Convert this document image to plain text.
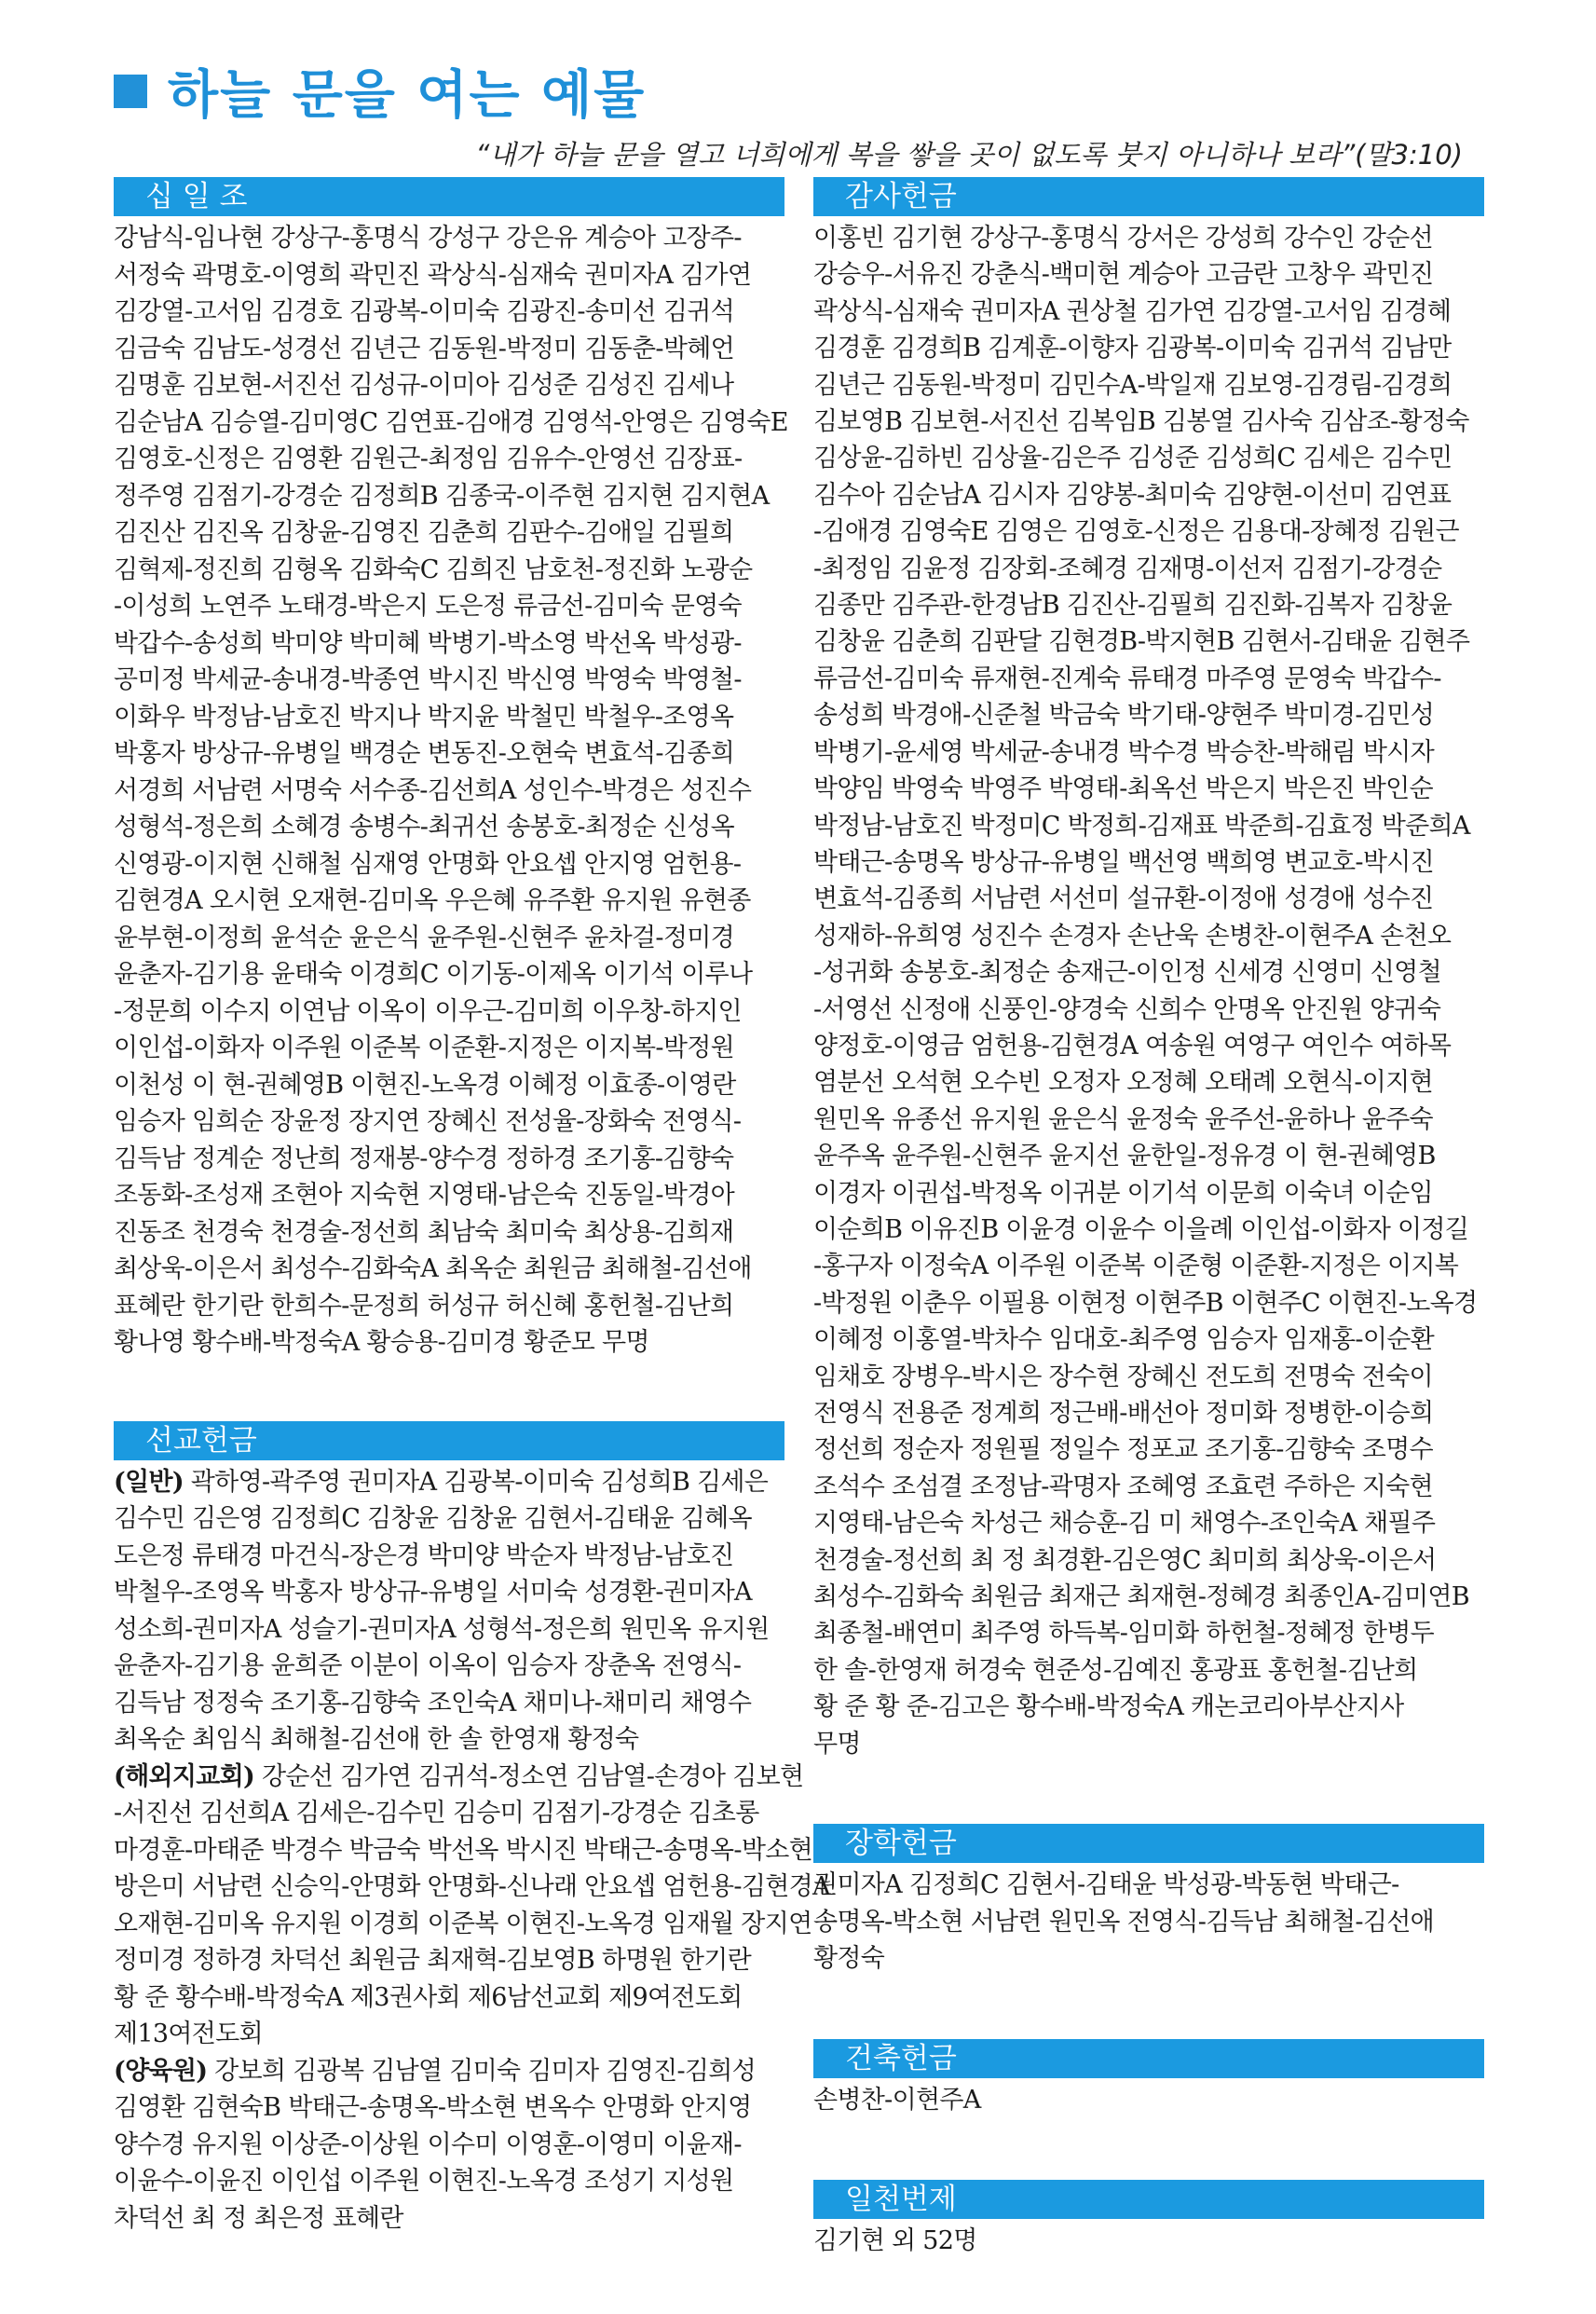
하늘 문을 여는 예물
“내가 하늘 문을 열고 너희에게 복을 쌓을 곳이 없도록 붓지 아니하나 보라”(말3:10)
십 일 조
강남식-임나현 강상구-홍명식 강성구 강은유 계승아 고장주-
서정숙 곽명호-이영희 곽민진 곽상식-심재숙 권미자A 김가연
김강열-고서임 김경호 김광복-이미숙 김광진-송미선 김귀석
김금숙 김남도-성경선 김년근 김동원-박정미 김동춘-박혜언
김명훈 김보현-서진선 김성규-이미아 김성준 김성진 김세나
김순남A 김승열-김미영C 김연표-김애경 김영석-안영은 김영숙E
김영호-신정은 김영환 김원근-최정임 김유수-안영선 김장표-
정주영 김점기-강경순 김정희B 김종국-이주현 김지현 김지현A
김진산 김진옥 김창윤-김영진 김춘희 김판수-김애일 김필희
김혁제-정진희 김형옥 김화숙C 김희진 남호천-정진화 노광순
-이성희 노연주 노태경-박은지 도은정 류금선-김미숙 문영숙
박갑수-송성희 박미양 박미혜 박병기-박소영 박선옥 박성광-
공미정 박세균-송내경-박종연 박시진 박신영 박영숙 박영철-
이화우 박정남-남호진 박지나 박지윤 박철민 박철우-조영옥
박홍자 방상규-유병일 백경순 변동진-오현숙 변효석-김종희
서경희 서남련 서명숙 서수종-김선희A 성인수-박경은 성진수
성형석-정은희 소혜경 송병수-최귀선 송봉호-최정순 신성옥
신영광-이지현 신해철 심재영 안명화 안요셉 안지영 엄헌용-
김현경A 오시현 오재현-김미옥 우은혜 유주환 유지원 유현종
윤부현-이정희 윤석순 윤은식 윤주원-신현주 윤차걸-정미경
윤춘자-김기용 윤태숙 이경희C 이기동-이제옥 이기석 이루나
-정문희 이수지 이연남 이옥이 이우근-김미희 이우창-하지인
이인섭-이화자 이주원 이준복 이준환-지정은 이지복-박정원
이천성 이 현-권혜영B 이현진-노옥경 이혜정 이효종-이영란
임승자 임희순 장윤정 장지연 장혜신 전성율-장화숙 전영식-
김득남 정계순 정난희 정재봉-양수경 정하경 조기홍-김향숙
조동화-조성재 조현아 지숙현 지영태-남은숙 진동일-박경아
진동조 천경숙 천경술-정선희 최남숙 최미숙 최상용-김희재
최상욱-이은서 최성수-김화숙A 최옥순 최원금 최해철-김선애
표혜란 한기란 한희수-문정희 허성규 허신혜 홍헌철-김난희
황나영 황수배-박정숙A 황승용-김미경 황준모 무명
선교헌금
(일반) 곽하영-곽주영 권미자A 김광복-이미숙 김성희B 김세은
김수민 김은영 김정희C 김창윤 김창윤 김현서-김태윤 김혜옥
도은정 류태경 마건식-장은경 박미양 박순자 박정남-남호진
박철우-조영옥 박홍자 방상규-유병일 서미숙 성경환-권미자A
성소희-권미자A 성슬기-권미자A 성형석-정은희 원민옥 유지원
윤춘자-김기용 윤희준 이분이 이옥이 임승자 장춘옥 전영식-
김득남 정정숙 조기홍-김향숙 조인숙A 채미나-채미리 채영수
최옥순 최임식 최해철-김선애 한 솔 한영재 황정숙
(해외지교회) 강순선 김가연 김귀석-정소연 김남열-손경아 김보현
-서진선 김선희A 김세은-김수민 김승미 김점기-강경순 김초롱
마경훈-마태준 박경수 박금숙 박선옥 박시진 박태근-송명옥-박소현
방은미 서남련 신승익-안명화 안명화-신나래 안요셉 엄헌용-김현경A
오재현-김미옥 유지원 이경희 이준복 이현진-노옥경 임재월 장지연
정미경 정하경 차덕선 최원금 최재혁-김보영B 하명원 한기란
황 준 황수배-박정숙A 제3권사회 제6남선교회 제9여전도회
제13여전도회
(양육원) 강보희 김광복 김남열 김미숙 김미자 김영진-김희성
김영환 김현숙B 박태근-송명옥-박소현 변옥수 안명화 안지영
양수경 유지원 이상준-이상원 이수미 이영훈-이영미 이윤재-
이윤수-이윤진 이인섭 이주원 이현진-노옥경 조성기 지성원
차덕선 최 정 최은정 표혜란
감사헌금
이홍빈 김기현 강상구-홍명식 강서은 강성희 강수인 강순선
강승우-서유진 강춘식-백미현 계승아 고금란 고창우 곽민진
곽상식-심재숙 권미자A 권상철 김가연 김강열-고서임 김경혜
김경훈 김경희B 김계훈-이향자 김광복-이미숙 김귀석 김남만
김년근 김동원-박정미 김민수A-박일재 김보영-김경림-김경희
김보영B 김보현-서진선 김복임B 김봉열 김사숙 김삼조-황정숙
김상윤-김하빈 김상율-김은주 김성준 김성희C 김세은 김수민
김수아 김순남A 김시자 김양봉-최미숙 김양현-이선미 김연표
-김애경 김영숙E 김영은 김영호-신정은 김용대-장혜정 김원근
-최정임 김윤정 김장회-조혜경 김재명-이선저 김점기-강경순
김종만 김주관-한경남B 김진산-김필희 김진화-김복자 김창윤
김창윤 김춘희 김판달 김현경B-박지현B 김현서-김태윤 김현주
류금선-김미숙 류재현-진계숙 류태경 마주영 문영숙 박갑수-
송성희 박경애-신준철 박금숙 박기태-양현주 박미경-김민성
박병기-윤세영 박세균-송내경 박수경 박승찬-박해림 박시자
박양임 박영숙 박영주 박영태-최옥선 박은지 박은진 박인순
박정남-남호진 박정미C 박정희-김재표 박준희-김효정 박준희A
박태근-송명옥 방상규-유병일 백선영 백희영 변교호-박시진
변효석-김종희 서남련 서선미 설규환-이정애 성경애 성수진
성재하-유희영 성진수 손경자 손난욱 손병찬-이현주A 손천오
-성귀화 송봉호-최정순 송재근-이인정 신세경 신영미 신영철
-서영선 신정애 신풍인-양경숙 신희수 안명옥 안진원 양귀숙
양정호-이영금 엄헌용-김현경A 여송원 여영구 여인수 여하목
염분선 오석현 오수빈 오정자 오정혜 오태례 오현식-이지현
원민옥 유종선 유지원 윤은식 윤정숙 윤주선-윤하나 윤주숙
윤주옥 윤주원-신현주 윤지선 윤한일-정유경 이 현-권혜영B
이경자 이권섭-박정옥 이귀분 이기석 이문희 이숙녀 이순임
이순희B 이유진B 이윤경 이윤수 이을례 이인섭-이화자 이정길
-홍구자 이정숙A 이주원 이준복 이준형 이준환-지정은 이지복
-박정원 이춘우 이필용 이현정 이현주B 이현주C 이현진-노옥경
이혜정 이홍열-박차수 임대호-최주영 임승자 임재홍-이순환
임채호 장병우-박시은 장수현 장혜신 전도희 전명숙 전숙이
전영식 전용준 정계희 정근배-배선아 정미화 정병한-이승희
정선희 정순자 정원필 정일수 정포교 조기홍-김향숙 조명수
조석수 조섬결 조정남-곽명자 조혜영 조효련 주하은 지숙현
지영태-남은숙 차성근 채승훈-김 미 채영수-조인숙A 채필주
천경술-정선희 최 정 최경환-김은영C 최미희 최상욱-이은서
최성수-김화숙 최원금 최재근 최재현-정혜경 최종인A-김미연B
최종철-배연미 최주영 하득복-임미화 하헌철-정혜정 한병두
한 솔-한영재 허경숙 현준성-김예진 홍광표 홍헌철-김난희
황 준 황 준-김고은 황수배-박정숙A 캐논코리아부산지사
무명
장학헌금
권미자A 김정희C 김현서-김태윤 박성광-박동현 박태근-
송명옥-박소현 서남련 원민옥 전영식-김득남 최해철-김선애
황정숙
건축헌금
손병찬-이현주A
일천번제
김기현 외 52명
